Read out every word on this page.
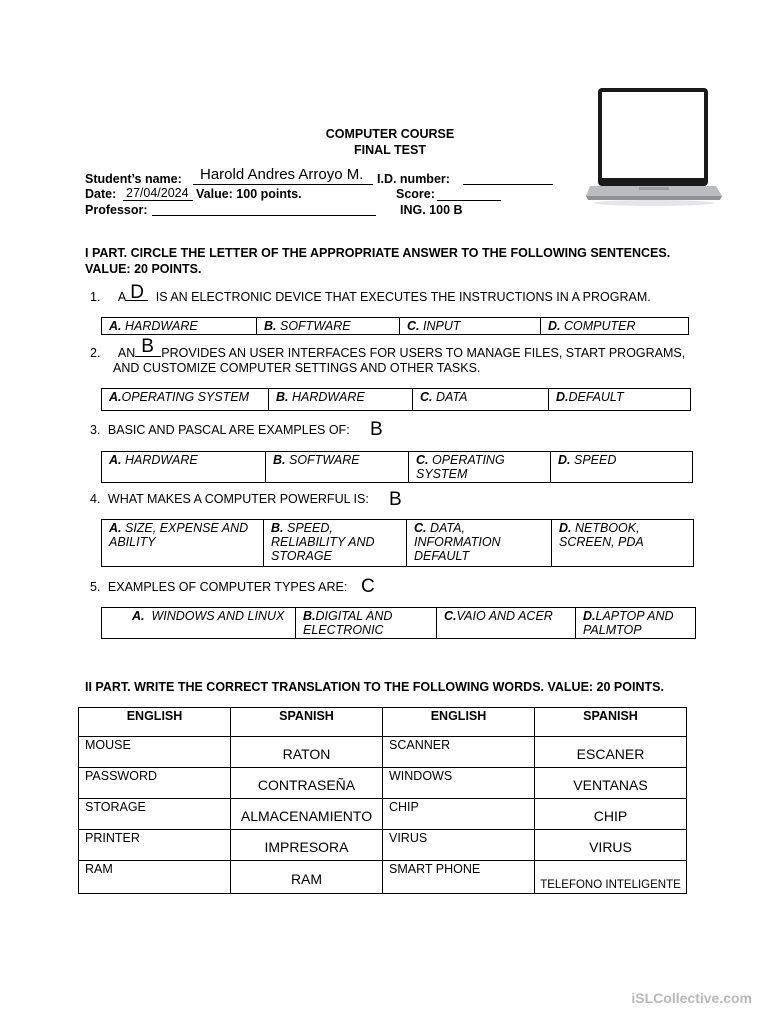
COMPUTER COURSE
FINAL TEST
Student’s name: Harold Andres Arroyo M. I.D. number:
Date: 27/04/2024 Value: 100 points.	Score:
Professor:	ING. 100 B
I PART. CIRCLE THE LETTER OF THE APPROPRIATE ANSWER TO THE FOLLOWING SENTENCES.
VALUE: 20 POINTS.
1. A D IS AN ELECTRONIC DEVICE THAT EXECUTES THE INSTRUCTIONS IN A PROGRAM.
A. HARDWARE	B. SOFTWARE	C. INPUT	D. COMPUTER
2. AN B PROVIDES AN USER INTERFACES FOR USERS TO MANAGE FILES, START PROGRAMS,
AND CUSTOMIZE COMPUTER SETTINGS AND OTHER TASKS.
A.OPERATING SYSTEM	B. HARDWARE	C. DATA	D.DEFAULT
3. BASIC AND PASCAL ARE EXAMPLES OF: B
A. HARDWARE	B. SOFTWARE	C. OPERATING SYSTEM	D. SPEED
4. WHAT MAKES A COMPUTER POWERFUL IS: B
A. SIZE, EXPENSE AND ABILITY	B. SPEED, RELIABILITY AND STORAGE	C. DATA, INFORMATION DEFAULT	D. NETBOOK, SCREEN, PDA
5. EXAMPLES OF COMPUTER TYPES ARE: C
A. WINDOWS AND LINUX	B.DIGITAL AND ELECTRONIC	C.VAIO AND ACER	D.LAPTOP AND PALMTOP
II PART. WRITE THE CORRECT TRANSLATION TO THE FOLLOWING WORDS. VALUE: 20 POINTS.
ENGLISH	SPANISH	ENGLISH	SPANISH
MOUSE	RATON	SCANNER	ESCANER
PASSWORD	CONTRASEÑA	WINDOWS	VENTANAS
STORAGE	ALMACENAMIENTO	CHIP	CHIP
PRINTER	IMPRESORA	VIRUS	VIRUS
RAM	RAM	SMART PHONE	TELEFONO INTELIGENTE
iSLCollective.com
